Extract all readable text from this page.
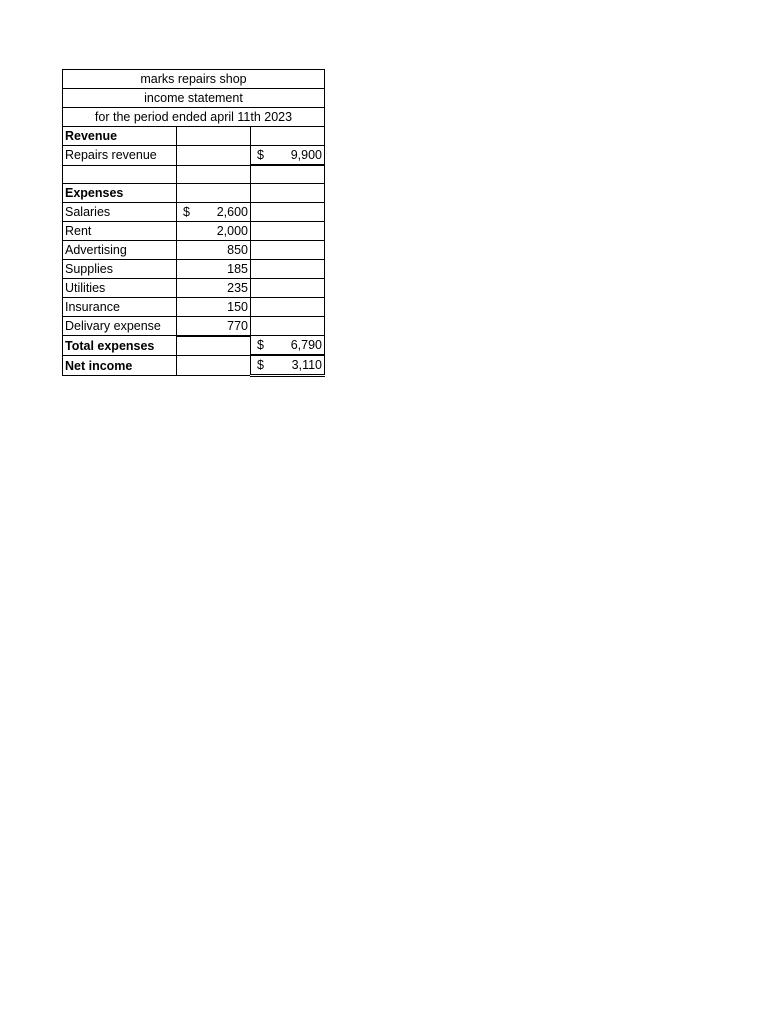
marks repairs shop		
income statement		
for the period ended april 11th 2023		
Revenue		
Repairs revenue		$ 9,900

Expenses		
Salaries	$ 2,600	
Rent	2,000	
Advertising	850	
Supplies	185	
Utilities	235	
Insurance	150	
Delivary expense	770	
Total expenses		$ 6,790
Net income		$ 3,110
